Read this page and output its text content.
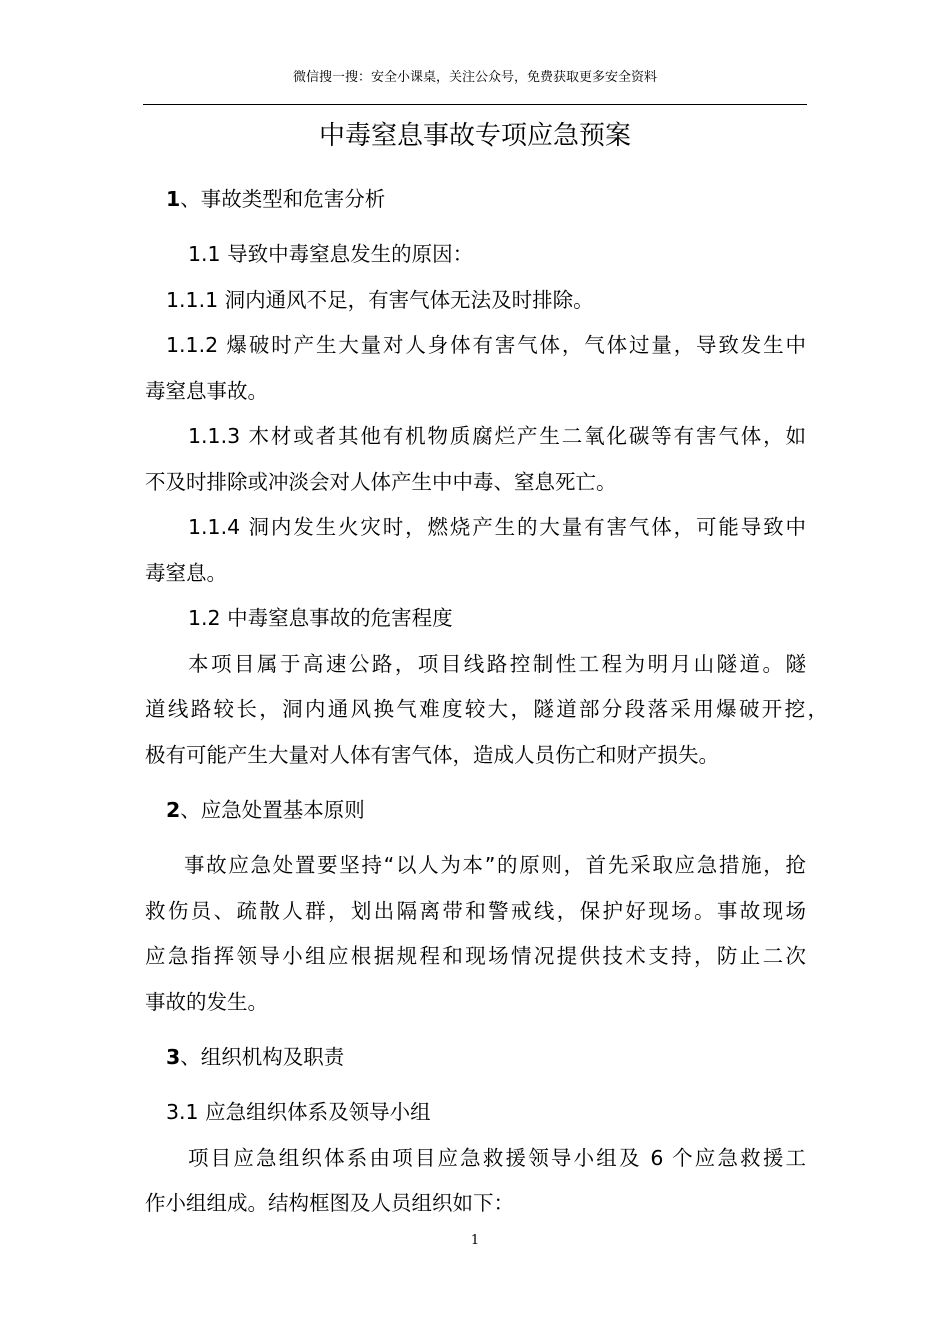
微信搜一搜：安全小课桌，关注公众号，免费获取更多安全资料
中毒窒息事故专项应急预案
1、事故类型和危害分析
1.1 导致中毒窒息发生的原因：
1.1.1 洞内通风不足，有害气体无法及时排除。
1.1.2 爆破时产生大量对人身体有害气体，气体过量，导致发生中
毒窒息事故。
1.1.3 木材或者其他有机物质腐烂产生二氧化碳等有害气体，如
不及时排除或冲淡会对人体产生中中毒、窒息死亡。
1.1.4 洞内发生火灾时，燃烧产生的大量有害气体，可能导致中
毒窒息。
1.2 中毒窒息事故的危害程度
本项目属于高速公路，项目线路控制性工程为明月山隧道。隧
道线路较长，洞内通风换气难度较大，隧道部分段落采用爆破开挖，
极有可能产生大量对人体有害气体，造成人员伤亡和财产损失。
2、应急处置基本原则
事故应急处置要坚持“以人为本”的原则，首先采取应急措施，抢
救伤员、疏散人群，划出隔离带和警戒线，保护好现场。事故现场
应急指挥领导小组应根据规程和现场情况提供技术支持，防止二次
事故的发生。
3、组织机构及职责
3.1 应急组织体系及领导小组
项目应急组织体系由项目应急救援领导小组及 6 个应急救援工
作小组组成。结构框图及人员组织如下：
1
